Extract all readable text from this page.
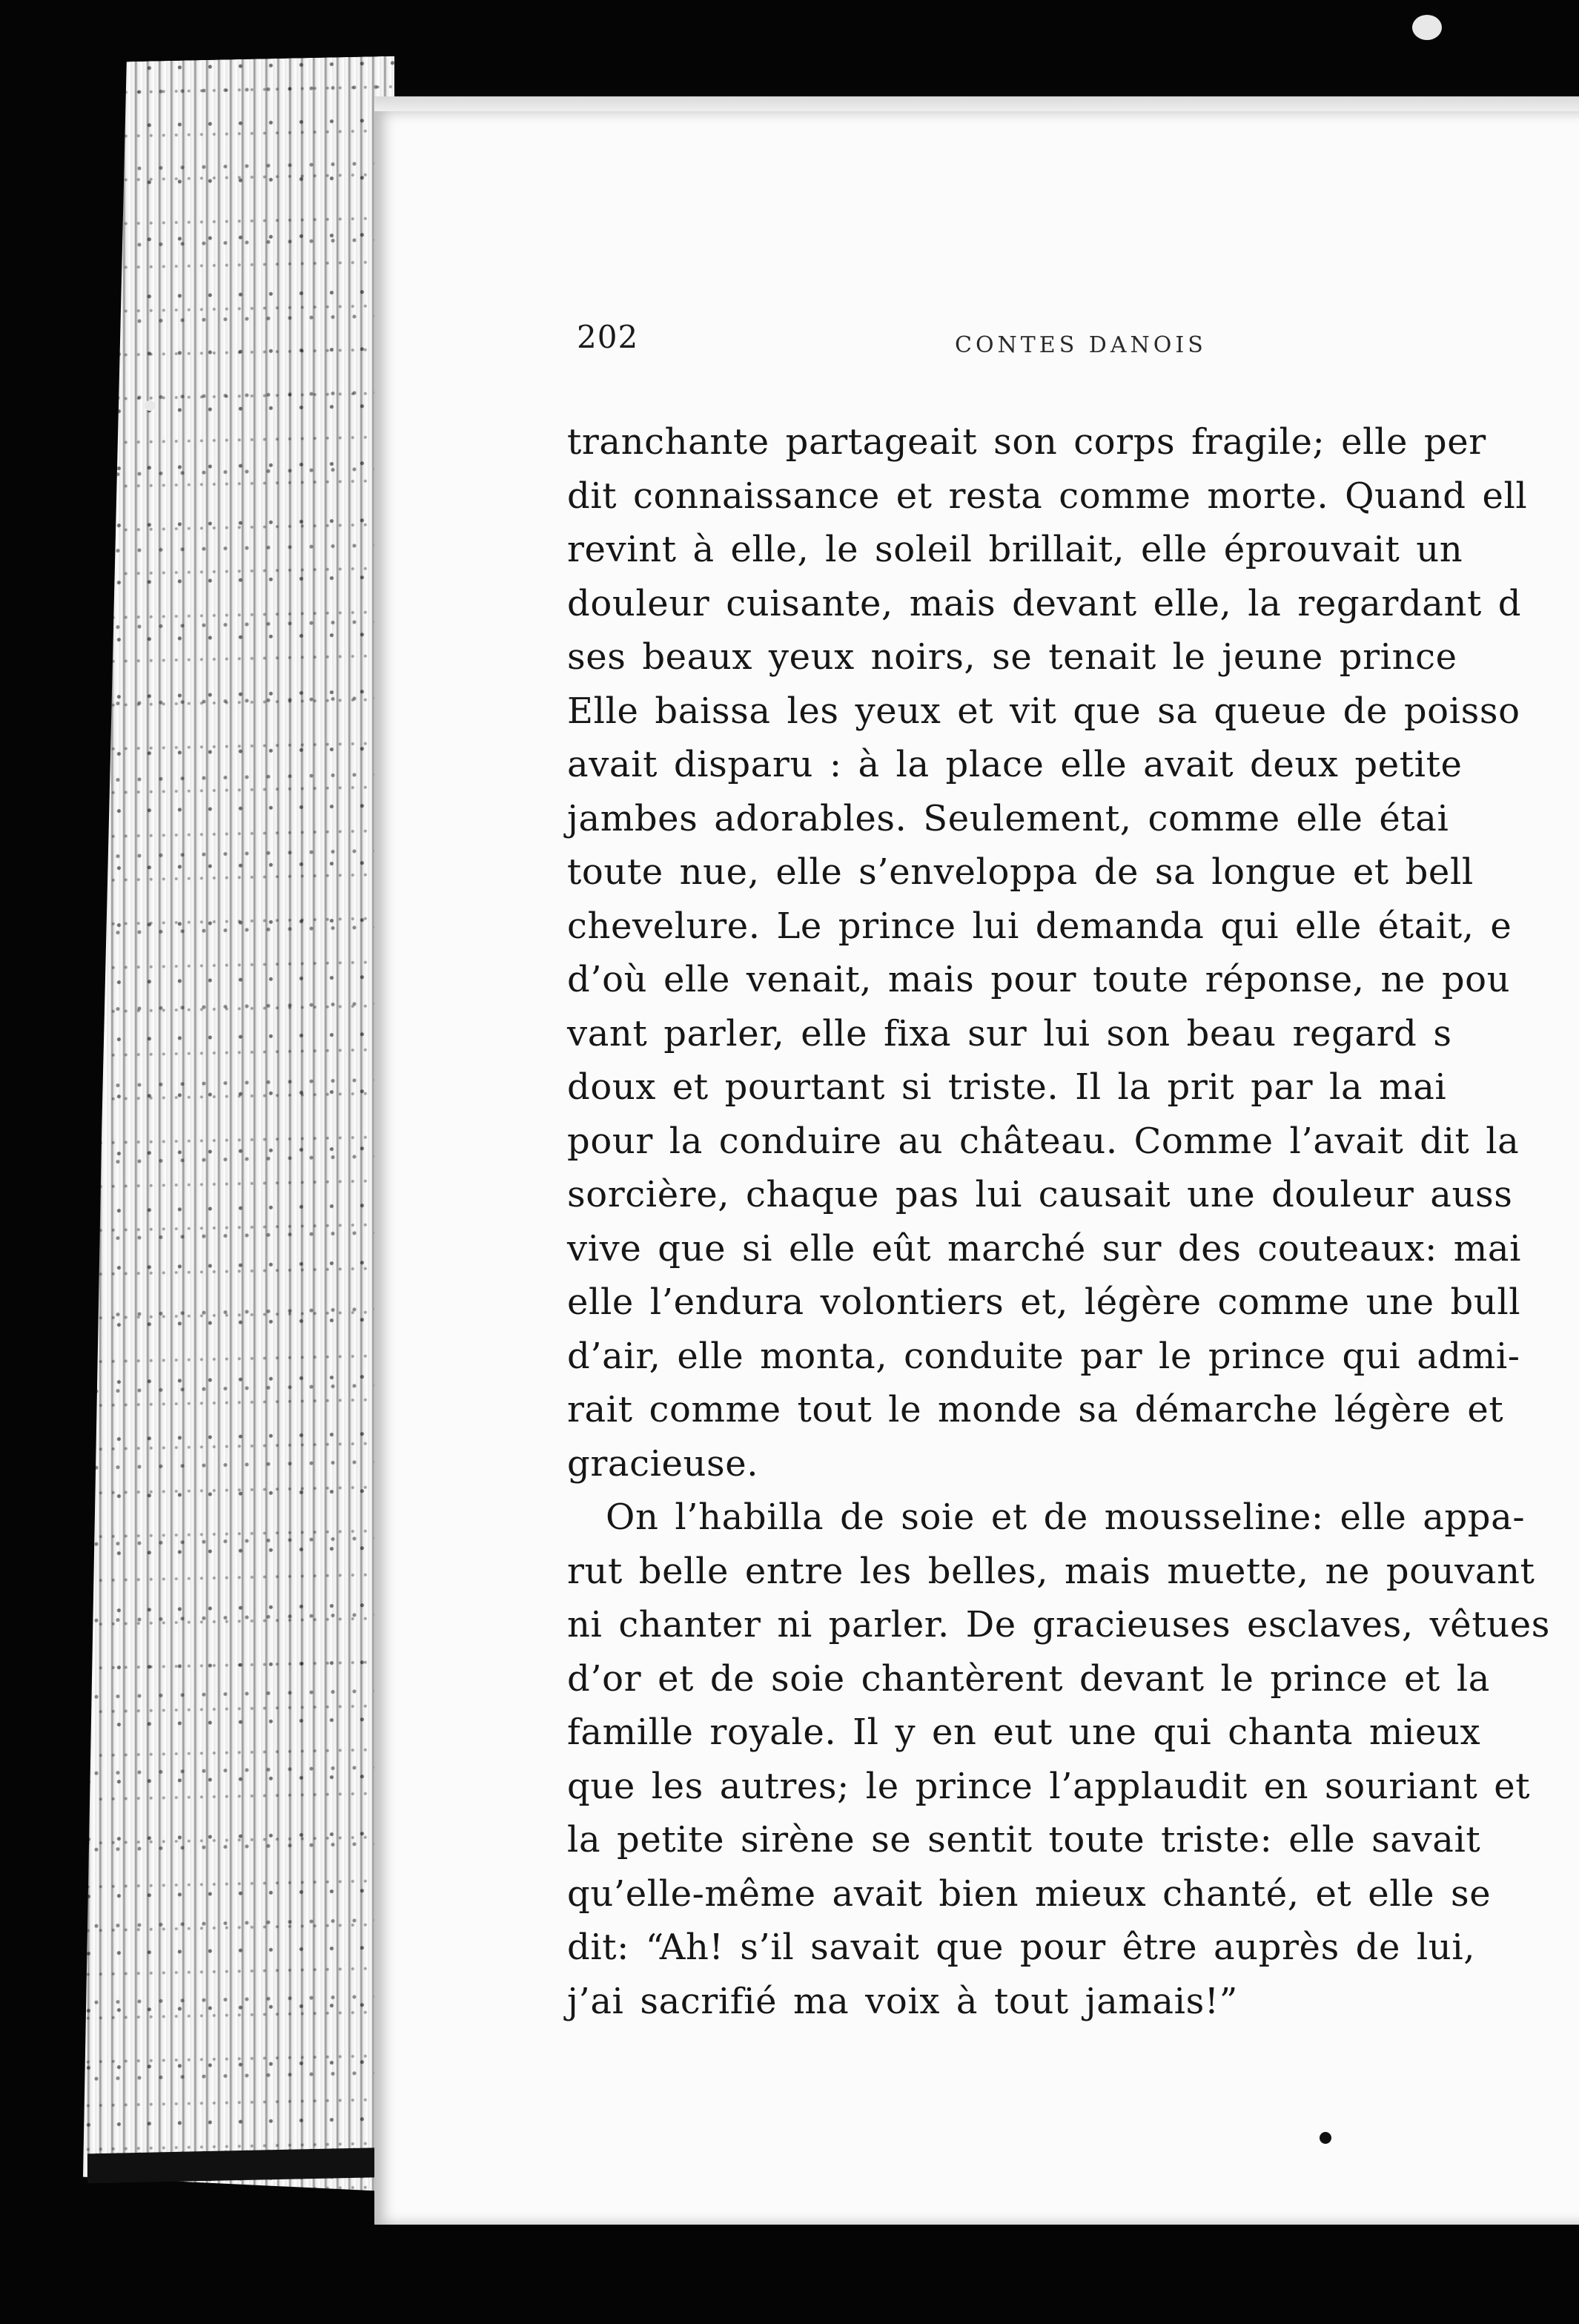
202	CONTES DANOIS
tranchante partageait son corps fragile; elle per
dit connaissance et resta comme morte. Quand ell
revint à elle, le soleil brillait, elle éprouvait un
douleur cuisante, mais devant elle, la regardant d
ses beaux yeux noirs, se tenait le jeune prince
Elle baissa les yeux et vit que sa queue de poisso
avait disparu : à la place elle avait deux petite
jambes adorables. Seulement, comme elle étai
toute nue, elle s’enveloppa de sa longue et bell
chevelure. Le prince lui demanda qui elle était, e
d’où elle venait, mais pour toute réponse, ne pou
vant parler, elle fixa sur lui son beau regard s
doux et pourtant si triste. Il la prit par la mai
pour la conduire au château. Comme l’avait dit la
sorcière, chaque pas lui causait une douleur auss
vive que si elle eût marché sur des couteaux: mai
elle l’endura volontiers et, légère comme une bull
d’air, elle monta, conduite par le prince qui admi-
rait comme tout le monde sa démarche légère et
gracieuse.
On l’habilla de soie et de mousseline: elle appa-
rut belle entre les belles, mais muette, ne pouvant
ni chanter ni parler. De gracieuses esclaves, vêtues
d’or et de soie chantèrent devant le prince et la
famille royale. Il y en eut une qui chanta mieux
que les autres; le prince l’applaudit en souriant et
la petite sirène se sentit toute triste: elle savait
qu’elle-même avait bien mieux chanté, et elle se
dit: “Ah! s’il savait que pour être auprès de lui,
j’ai sacrifié ma voix à tout jamais!”
